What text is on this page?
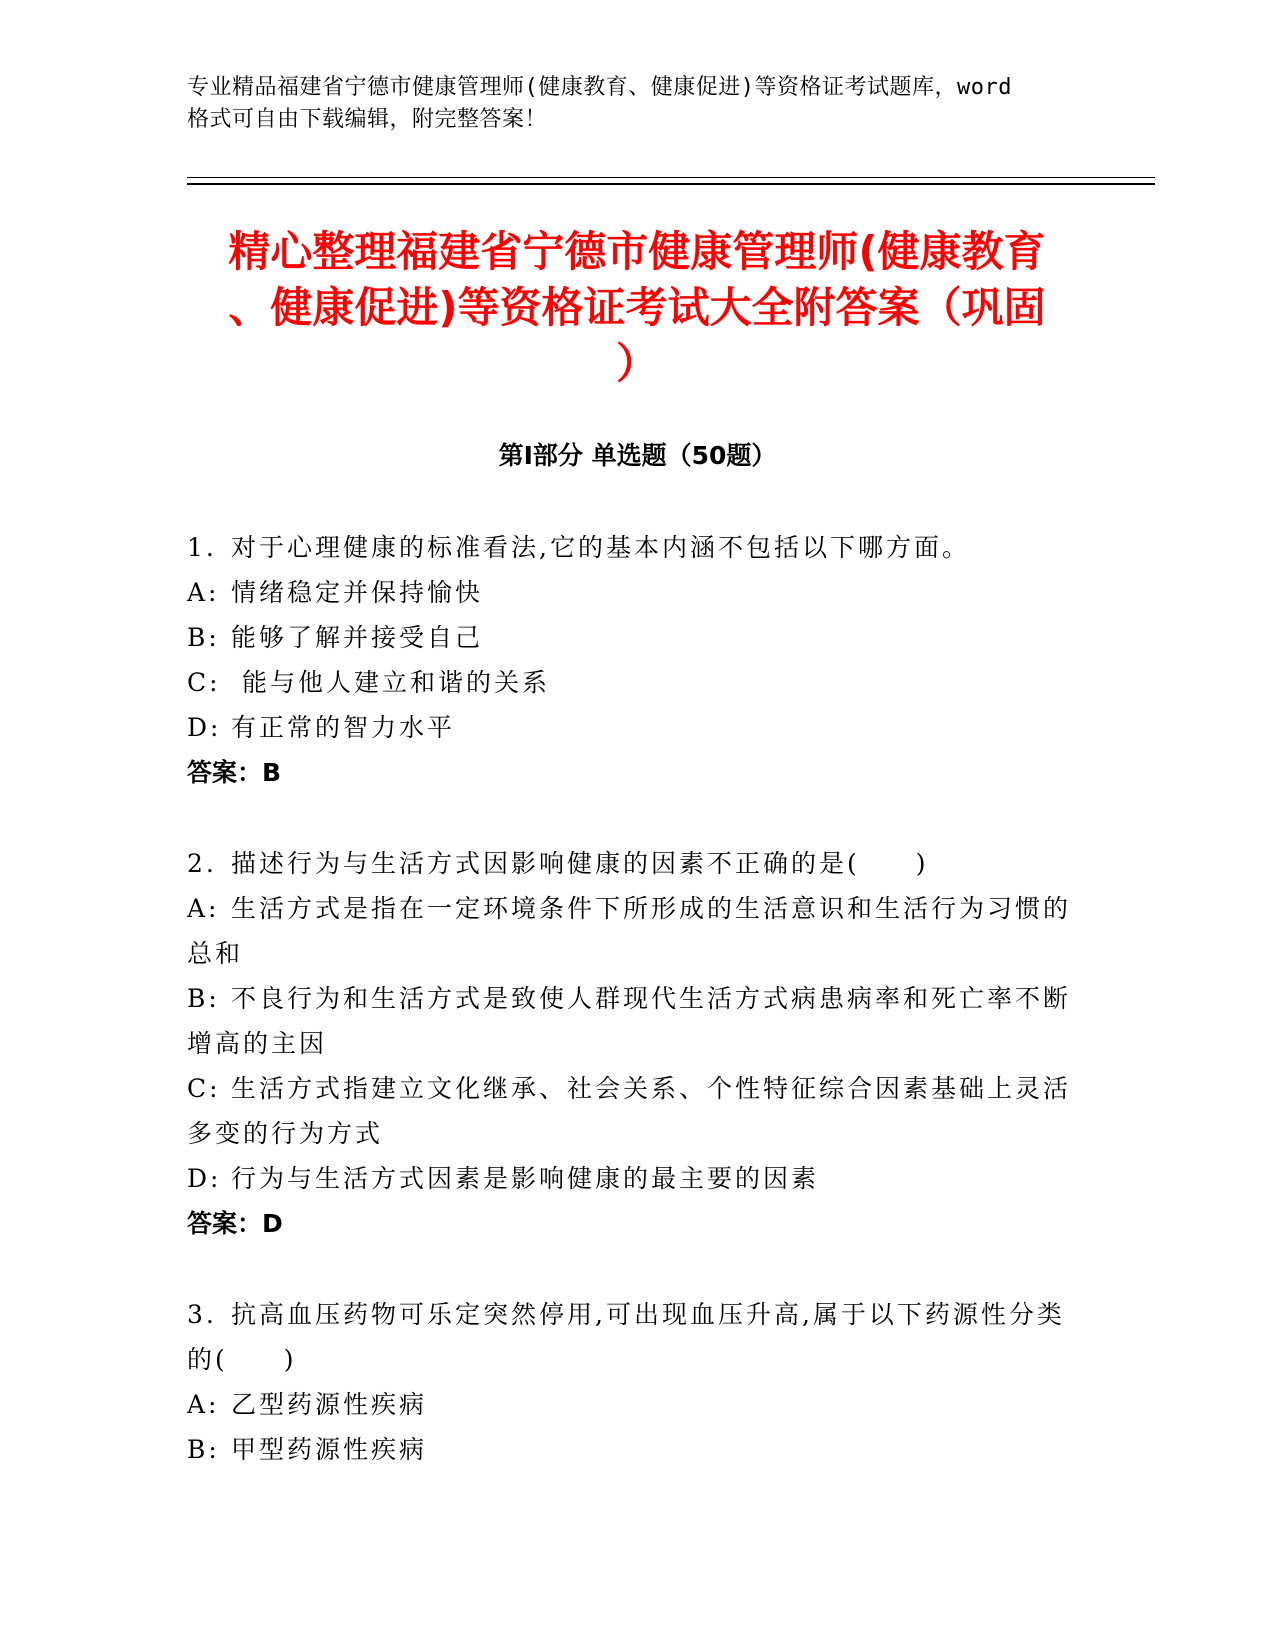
专业精品福建省宁德市健康管理师(健康教育、健康促进)等资格证考试题库，word
格式可自由下载编辑，附完整答案！
精心整理福建省宁德市健康管理师(健康教育
、健康促进)等资格证考试大全附答案（巩固
）
第Ⅰ部分 单选题（50题）
1. 对于心理健康的标准看法,它的基本内涵不包括以下哪方面。
A: 情绪稳定并保持愉快
B: 能够了解并接受自己
C: 能与他人建立和谐的关系
D: 有正常的智力水平
答案：B
2. 描述行为与生活方式因影响健康的因素不正确的是(　　)
A: 生活方式是指在一定环境条件下所形成的生活意识和生活行为习惯的总和
B: 不良行为和生活方式是致使人群现代生活方式病患病率和死亡率不断增高的主因
C: 生活方式指建立文化继承、社会关系、个性特征综合因素基础上灵活多变的行为方式
D: 行为与生活方式因素是影响健康的最主要的因素
答案：D
3. 抗高血压药物可乐定突然停用,可出现血压升高,属于以下药源性分类的(　　)
A: 乙型药源性疾病
B: 甲型药源性疾病
